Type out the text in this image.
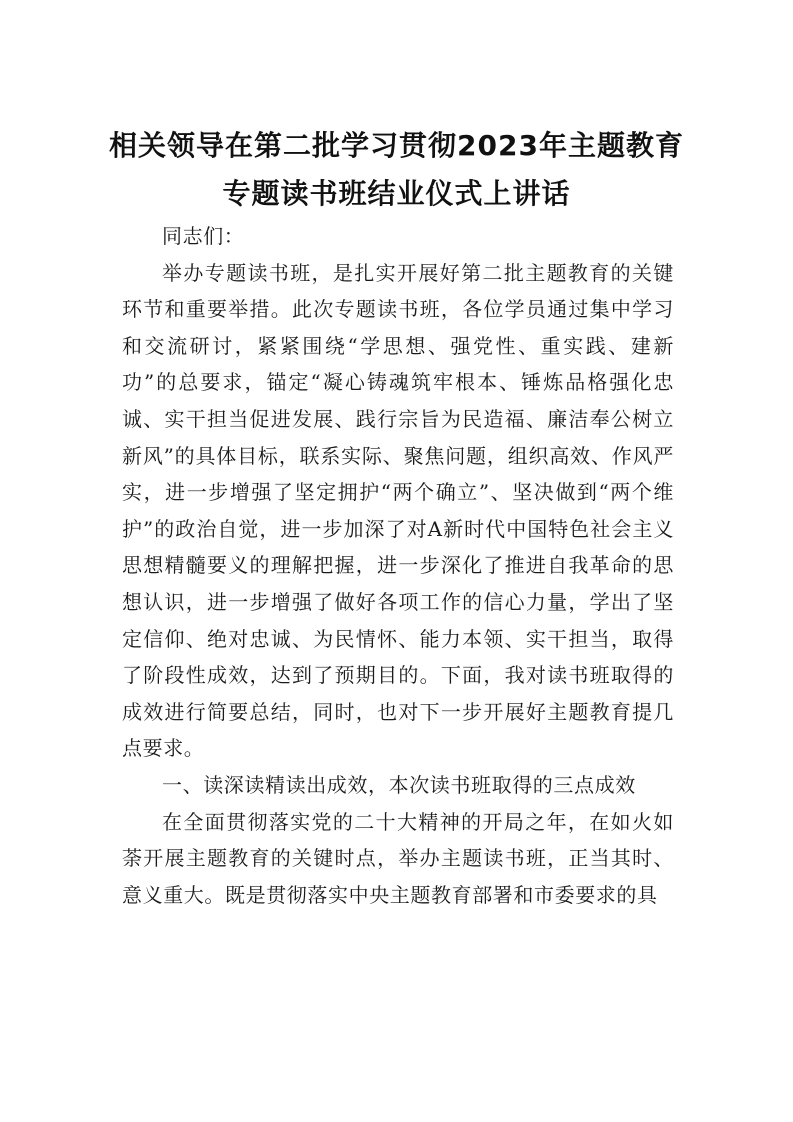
相关领导在第二批学习贯彻2023年主题教育专题读书班结业仪式上讲话

同志们：

举办专题读书班，是扎实开展好第二批主题教育的关键环节和重要举措。此次专题读书班，各位学员通过集中学习和交流研讨，紧紧围绕“学思想、强党性、重实践、建新功”的总要求，锚定“凝心铸魂筑牢根本、锤炼品格强化忠诚、实干担当促进发展、践行宗旨为民造福、廉洁奉公树立新风”的具体目标，联系实际、聚焦问题，组织高效、作风严实，进一步增强了坚定拥护“两个确立”、坚决做到“两个维护”的政治自觉，进一步加深了对A新时代中国特色社会主义思想精髓要义的理解把握，进一步深化了推进自我革命的思想认识，进一步增强了做好各项工作的信心力量，学出了坚定信仰、绝对忠诚、为民情怀、能力本领、实干担当，取得了阶段性成效，达到了预期目的。下面，我对读书班取得的成效进行简要总结，同时，也对下一步开展好主题教育提几点要求。

一、读深读精读出成效，本次读书班取得的三点成效

在全面贯彻落实党的二十大精神的开局之年，在如火如荼开展主题教育的关键时点，举办主题读书班，正当其时、意义重大。既是贯彻落实中央主题教育部署和市委要求的具
